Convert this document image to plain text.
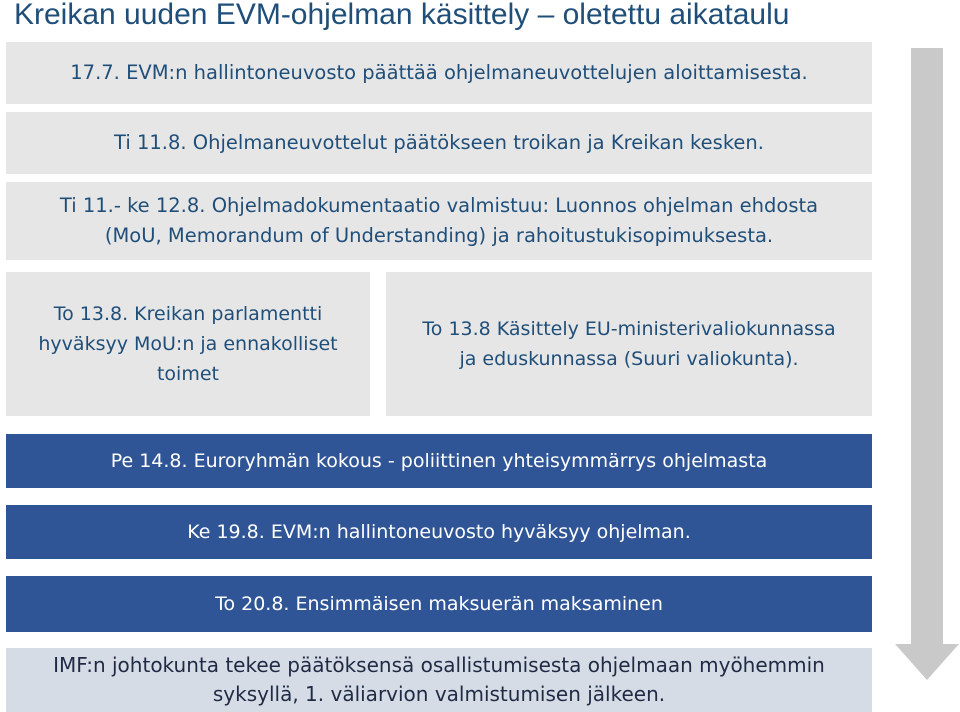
Kreikan uuden EVM-ohjelman käsittely – oletettu aikataulu
17.7. EVM:n hallintoneuvosto päättää ohjelmaneuvottelujen aloittamisesta.
Ti 11.8. Ohjelmaneuvottelut päätökseen troikan ja Kreikan kesken.
Ti 11.- ke 12.8. Ohjelmadokumentaatio valmistuu: Luonnos ohjelman ehdosta
(MoU, Memorandum of Understanding) ja rahoitustukisopimuksesta.
To 13.8. Kreikan parlamentti
hyväksyy MoU:n ja ennakolliset
toimet
To 13.8 Käsittely EU-ministerivaliokunnassa
ja eduskunnassa (Suuri valiokunta).
Pe 14.8. Euroryhmän kokous - poliittinen yhteisymmärrys ohjelmasta
Ke 19.8. EVM:n hallintoneuvosto hyväksyy ohjelman.
To 20.8. Ensimmäisen maksuerän maksaminen
IMF:n johtokunta tekee päätöksensä osallistumisesta ohjelmaan myöhemmin
syksyllä, 1. väliarvion valmistumisen jälkeen.
